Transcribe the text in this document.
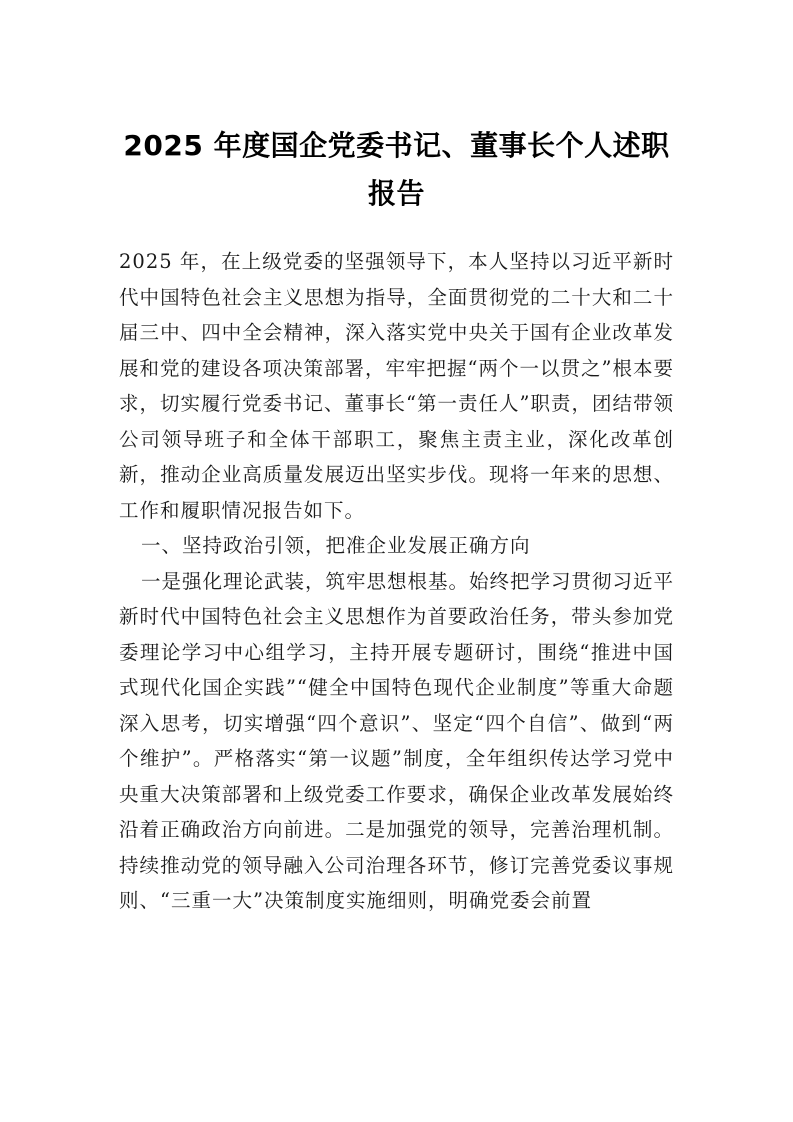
2025 年度国企党委书记、董事长个人述职报告

2025 年，在上级党委的坚强领导下，本人坚持以习近平新时代中国特色社会主义思想为指导，全面贯彻党的二十大和二十届三中、四中全会精神，深入落实党中央关于国有企业改革发展和党的建设各项决策部署，牢牢把握“两个一以贯之”根本要求，切实履行党委书记、董事长“第一责任人”职责，团结带领公司领导班子和全体干部职工，聚焦主责主业，深化改革创新，推动企业高质量发展迈出坚实步伐。现将一年来的思想、工作和履职情况报告如下。

一、坚持政治引领，把准企业发展正确方向

一是强化理论武装，筑牢思想根基。始终把学习贯彻习近平新时代中国特色社会主义思想作为首要政治任务，带头参加党委理论学习中心组学习，主持开展专题研讨，围绕“推进中国式现代化国企实践”“健全中国特色现代企业制度”等重大命题深入思考，切实增强“四个意识”、坚定“四个自信”、做到“两个维护”。严格落实“第一议题”制度，全年组织传达学习党中央重大决策部署和上级党委工作要求，确保企业改革发展始终沿着正确政治方向前进。二是加强党的领导，完善治理机制。持续推动党的领导融入公司治理各环节，修订完善党委议事规则、“三重一大”决策制度实施细则，明确党委会前置
